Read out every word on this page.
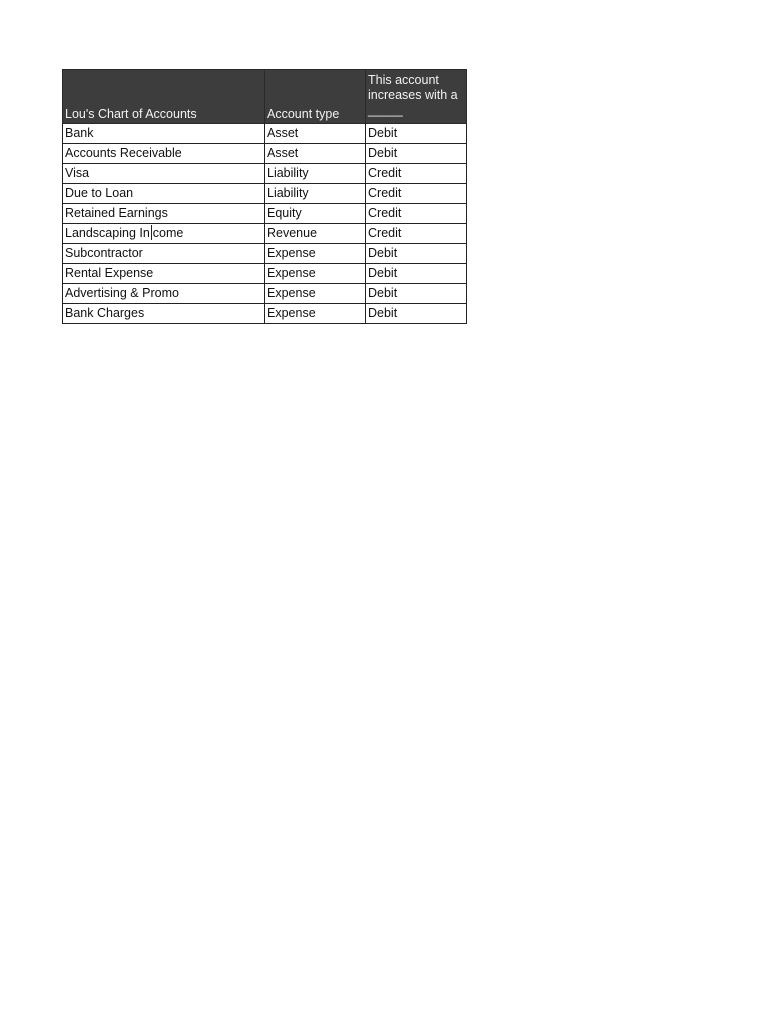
Lou's Chart of Accounts	Account type	This account increases with a _____
Bank	Asset	Debit
Accounts Receivable	Asset	Debit
Visa	Liability	Credit
Due to Loan	Liability	Credit
Retained Earnings	Equity	Credit
Landscaping In come	Revenue	Credit
Subcontractor	Expense	Debit
Rental Expense	Expense	Debit
Advertising & Promo	Expense	Debit
Bank Charges	Expense	Debit
